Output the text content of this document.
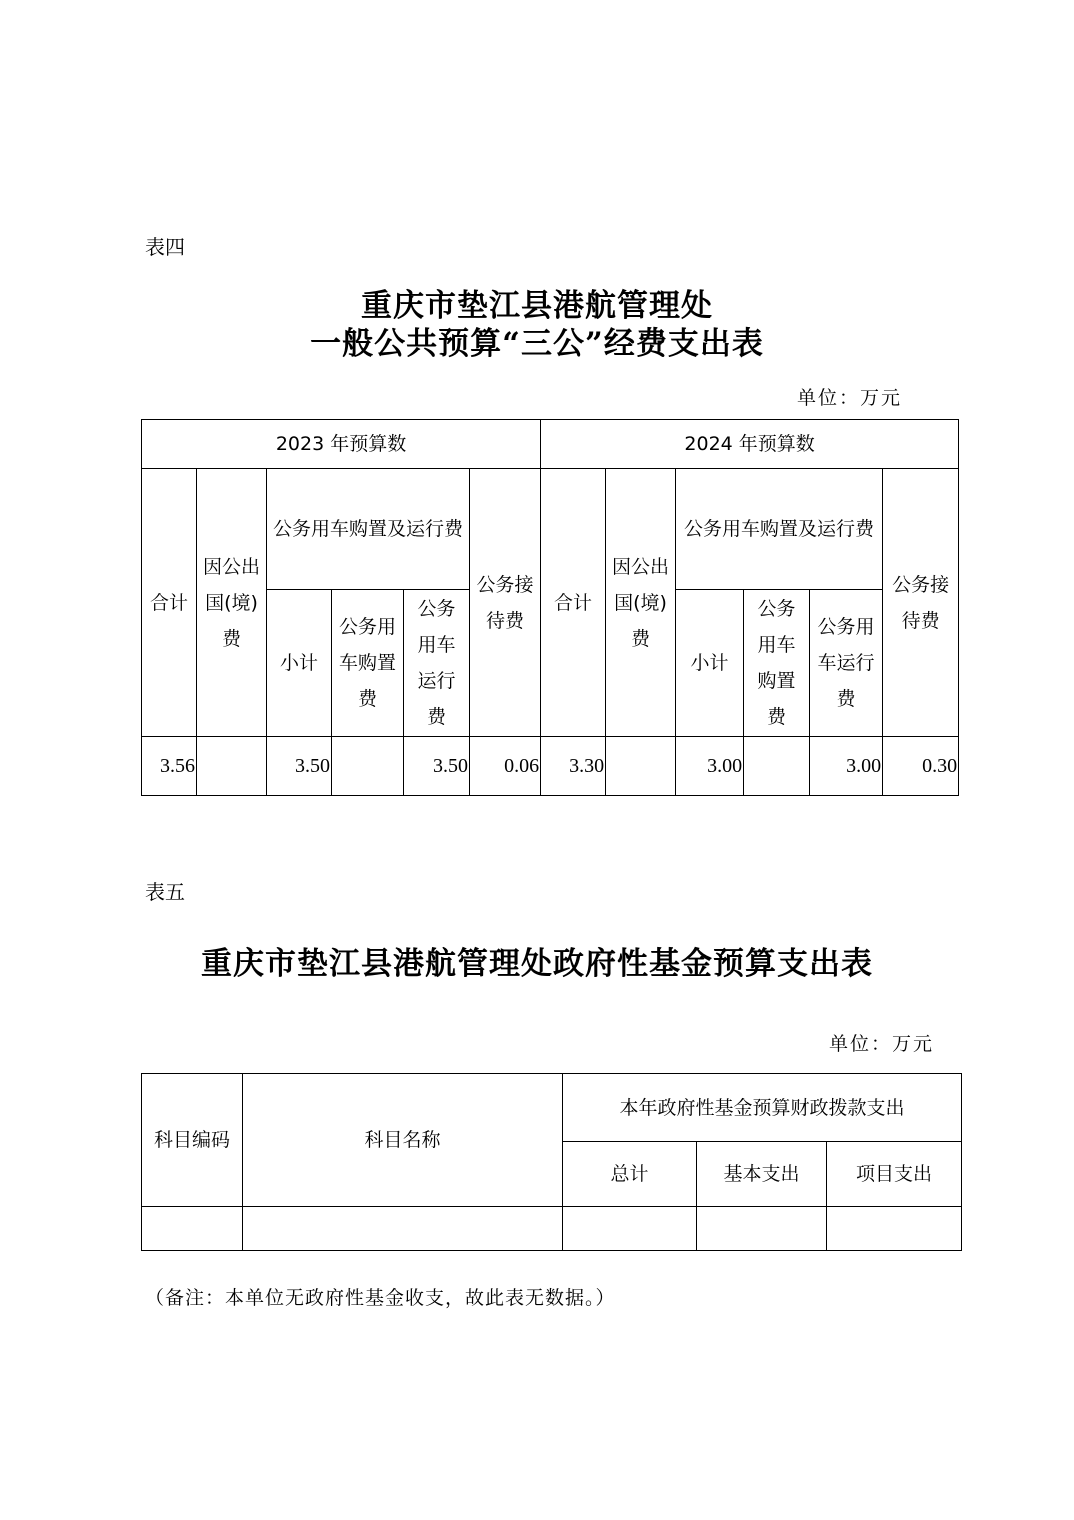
表四
重庆市垫江县港航管理处
一般公共预算“三公”经费支出表
单位：万元
2023 年预算数						2024 年预算数					
合计	因公出国(境)费	公务用车购置及运行费			公务接待费	合计	因公出国(境)费	公务用车购置及运行费			公务接待费
		小计	公务用车购置费	公务用车运行费				小计	公务用车购置费	公务用车运行费	
3.56		3.50		3.50	0.06	3.30		3.00		3.00	0.30
表五
重庆市垫江县港航管理处政府性基金预算支出表
单位：万元
科目编码	科目名称	本年政府性基金预算财政拨款支出		
		总计	基本支出	项目支出

（备注：本单位无政府性基金收支，故此表无数据。）
